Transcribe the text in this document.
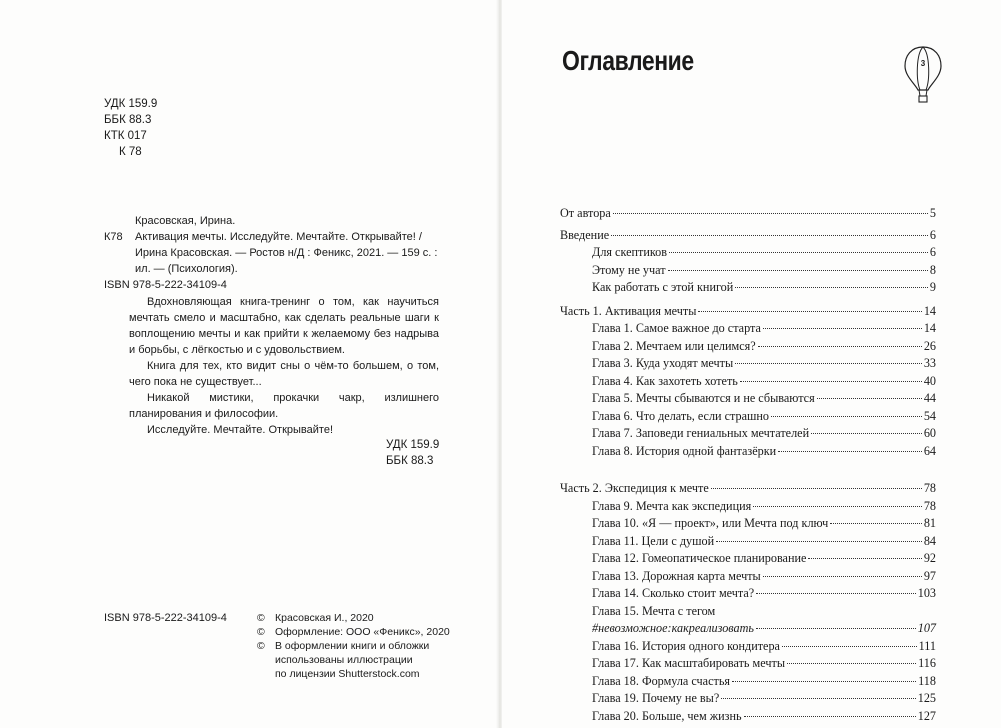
УДК 159.9
ББК 88.3
КТК 017
К 78
Красовская, Ирина.
К78 Активация мечты. Исследуйте. Мечтайте. Открывайте! /
Ирина Красовская. — Ростов н/Д : Феникс, 2021. — 159 с. :
ил. — (Психология).
ISBN 978-5-222-34109-4

Вдохновляющая книга-тренинг о том, как научиться мечтать смело и масштабно, как сделать реальные шаги к воплощению мечты и как прийти к желаемому без надрыва и борьбы, с лёгкостью и с удовольствием.

Книга для тех, кто видит сны о чём-то большем, о том, чего пока не существует...

Никакой мистики, прокачки чакр, излишнего планирования и философии.

Исследуйте. Мечтайте. Открывайте!

УДК 159.9
ББК 88.3
ISBN 978-5-222-34109-4	© Красовская И., 2020
© Оформление: ООО «Феникс», 2020
© В оформлении книги и обложки
использованы иллюстрации
по лицензии Shutterstock.com
Оглавление	3
От автора	5
Введение	6
Для скептиков	6
Этому не учат	8
Как работать с этой книгой	9
Часть 1. Активация мечты	14
Глава 1. Самое важное до старта	14
Глава 2. Мечтаем или целимся?	26
Глава 3. Куда уходят мечты	33
Глава 4. Как захотеть хотеть	40
Глава 5. Мечты сбываются и не сбываются	44
Глава 6. Что делать, если страшно	54
Глава 7. Заповеди гениальных мечтателей	60
Глава 8. История одной фантазёрки	64
Часть 2. Экспедиция к мечте	78
Глава 9. Мечта как экспедиция	78
Глава 10. «Я — проект», или Мечта под ключ	81
Глава 11. Цели с душой	84
Глава 12. Гомеопатическое планирование	92
Глава 13. Дорожная карта мечты	97
Глава 14. Сколько стоит мечта?	103
Глава 15. Мечта с тегом
#невозможное:какреализовать	107
Глава 16. История одного кондитера	111
Глава 17. Как масштабировать мечты	116
Глава 18. Формула счастья	118
Глава 19. Почему не вы?	125
Глава 20. Больше, чем жизнь	127
